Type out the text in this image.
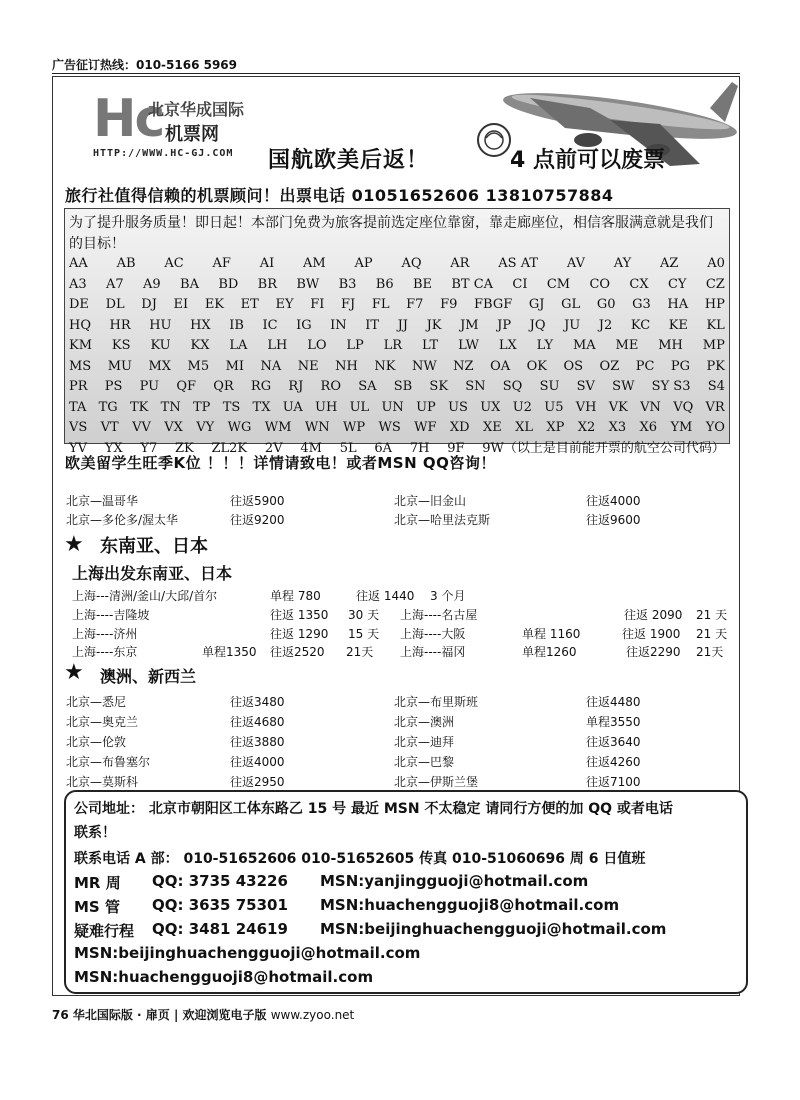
广告征订热线：010-5166 5969
Hc
北京华成国际
机票网
HTTP://WWW.HC-GJ.COM 国航欧美后返！	4 点前可以废票
旅行社值得信赖的机票顾问！出票电话 01051652606 13810757884
为了提升服务质量！即日起！本部门免费为旅客提前选定座位靠窗，靠走廊座位，相信客服满意就是我们的目标！
AA AB AC AF AI AM AP AQ AR AS AT AV AY AZ A0
A3 A7 A9 BA BD BR BW B3 B6 BE BT CA CI CM CO CX CY CZ
DE DL DJ EI EK ET EY FI FJ FL F7 F9 FBGF GJ GL G0 G3 HA HP
HQ HR HU HX IB IC IG IN IT JJ JK JM JP JQ JU J2 KC KE KL
KM KS KU KX LA LH LO LP LR LT LW LX LY MA ME MH MP
MS MU MX M5 MI NA NE NH NK NW NZ OA OK OS OZ PC PG PK
PR PS PU QF QR RG RJ RO SA SB SK SN SQ SU SV SW SY S3 S4
TA TG TK TN TP TS TX UA UH UL UN UP US UX U2 U5 VH VK VN VQ VR
VS VT VV VX VY WG WM WN WP WS WF XD XE XL XP X2 X3 X6 YM YO
YV YX Y7 ZK ZL2K 2V 4M 5L 6A 7H 9F 9W（以上是目前能开票的航空公司代码）
欧美留学生旺季K位 ！！！详情请致电！或者MSN QQ咨询！
北京—温哥华	往返5900	北京—旧金山	往返4000
北京—多伦多/渥太华	往返9200	北京—哈里法克斯	往返9600
★ 东南亚、日本
上海出发东南亚、日本
上海---清洲/釜山/大邱/首尔	单程 780	往返 1440 3 个月
上海----吉隆坡	往返 1350 30 天 上海----名古屋	往返 2090 21 天
上海----济州	往返 1290 15 天 上海----大阪	单程 1160	往返 1900 21 天
上海----东京	单程1350 往返2520 21天 上海----福冈	单程1260	往返2290 21天
★ 澳洲、新西兰
北京—悉尼	往返3480	北京—布里斯班	往返4480
北京—奥克兰	往返4680	北京—澳洲	单程3550
北京—伦敦	往返3880	北京—迪拜	往返3640
北京—布鲁塞尔	往返4000	北京—巴黎	往返4260
北京—莫斯科	往返2950	北京—伊斯兰堡	往返7100
公司地址： 北京市朝阳区工体东路乙 15 号 最近 MSN 不太稳定 请同行方便的加 QQ 或者电话
联系！
联系电话 A 部： 010-51652606 010-51652605 传真 010-51060696 周 6 日值班
MR 周 QQ: 3735 43226 MSN:yanjingguoji@hotmail.com
MS 管 QQ: 3635 75301 MSN:huachengguoji8@hotmail.com
疑难行程 QQ: 3481 24619 MSN:beijinghuachengguoji@hotmail.com
MSN:beijinghuachengguoji@hotmail.com
MSN:huachengguoji8@hotmail.com
76 华北国际版 · 扉页 | 欢迎浏览电子版 www.zyoo.net
